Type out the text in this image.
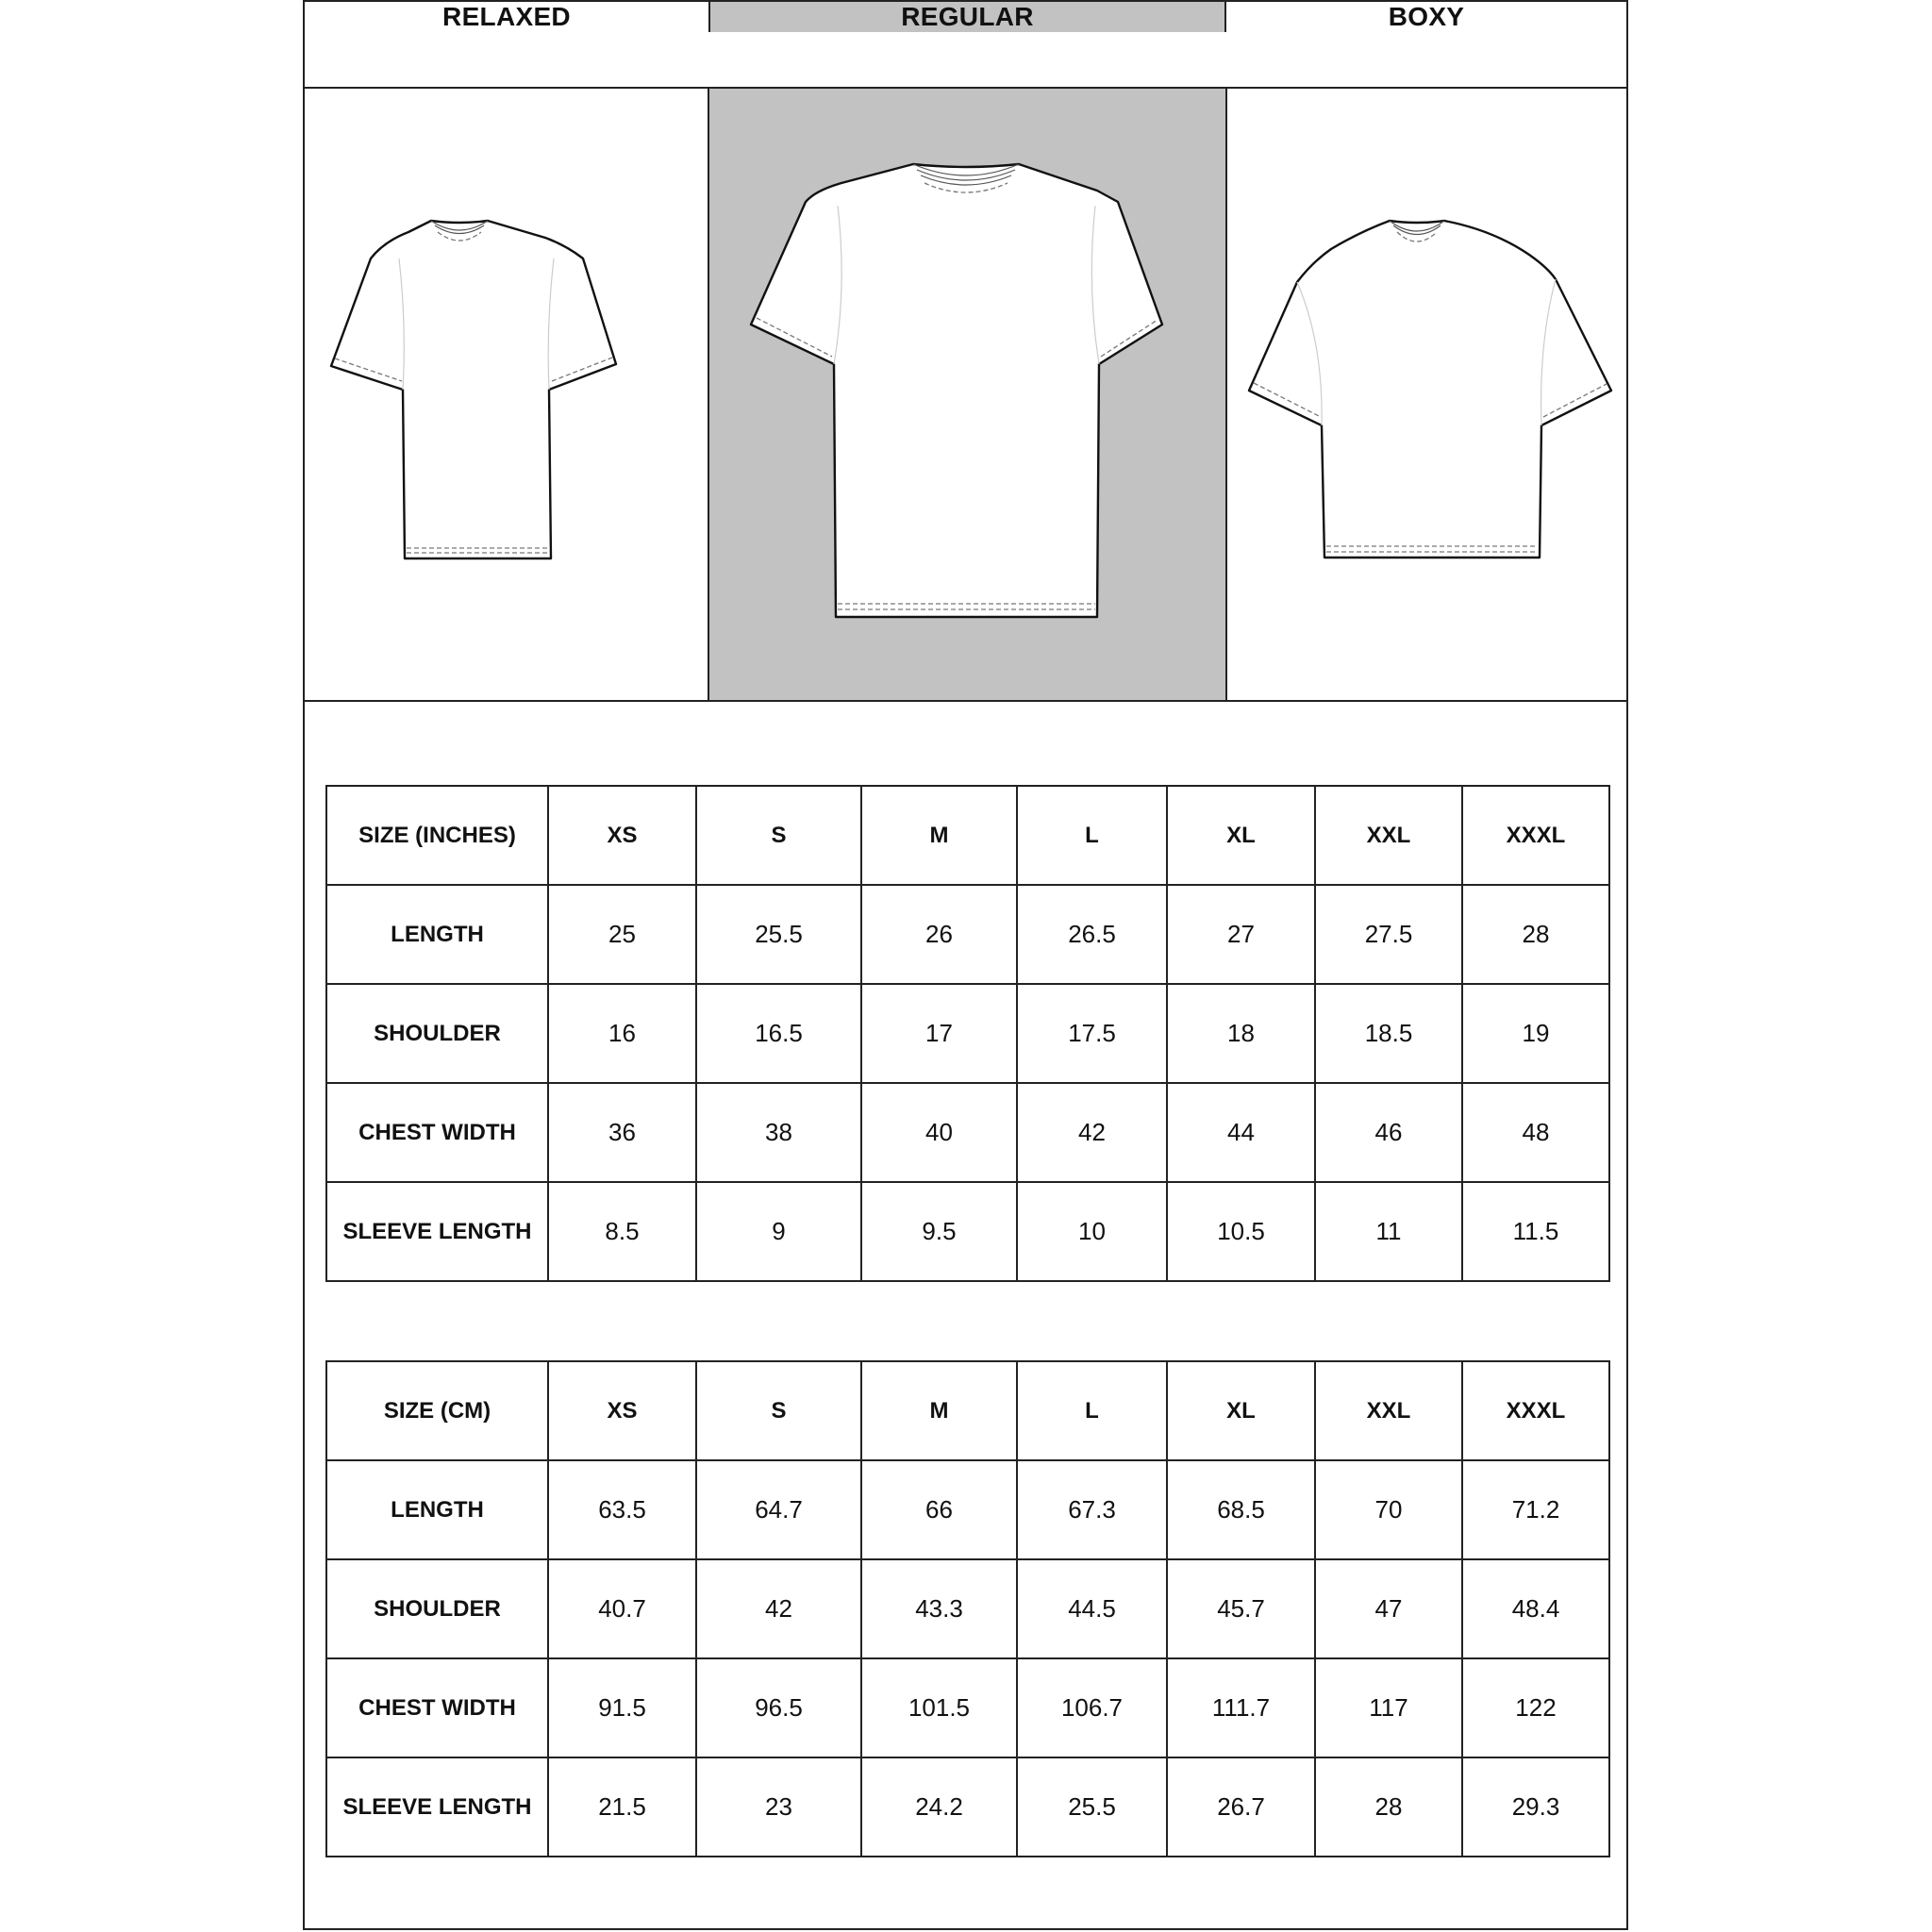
RELAXED	REGULAR	BOXY
SIZE (INCHES)	XS	S	M	L	XL	XXL	XXXL
LENGTH	25	25.5	26	26.5	27	27.5	28
SHOULDER	16	16.5	17	17.5	18	18.5	19
CHEST WIDTH	36	38	40	42	44	46	48
SLEEVE LENGTH	8.5	9	9.5	10	10.5	11	11.5
SIZE (CM)	XS	S	M	L	XL	XXL	XXXL
LENGTH	63.5	64.7	66	67.3	68.5	70	71.2
SHOULDER	40.7	42	43.3	44.5	45.7	47	48.4
CHEST WIDTH	91.5	96.5	101.5	106.7	111.7	117	122
SLEEVE LENGTH	21.5	23	24.2	25.5	26.7	28	29.3
